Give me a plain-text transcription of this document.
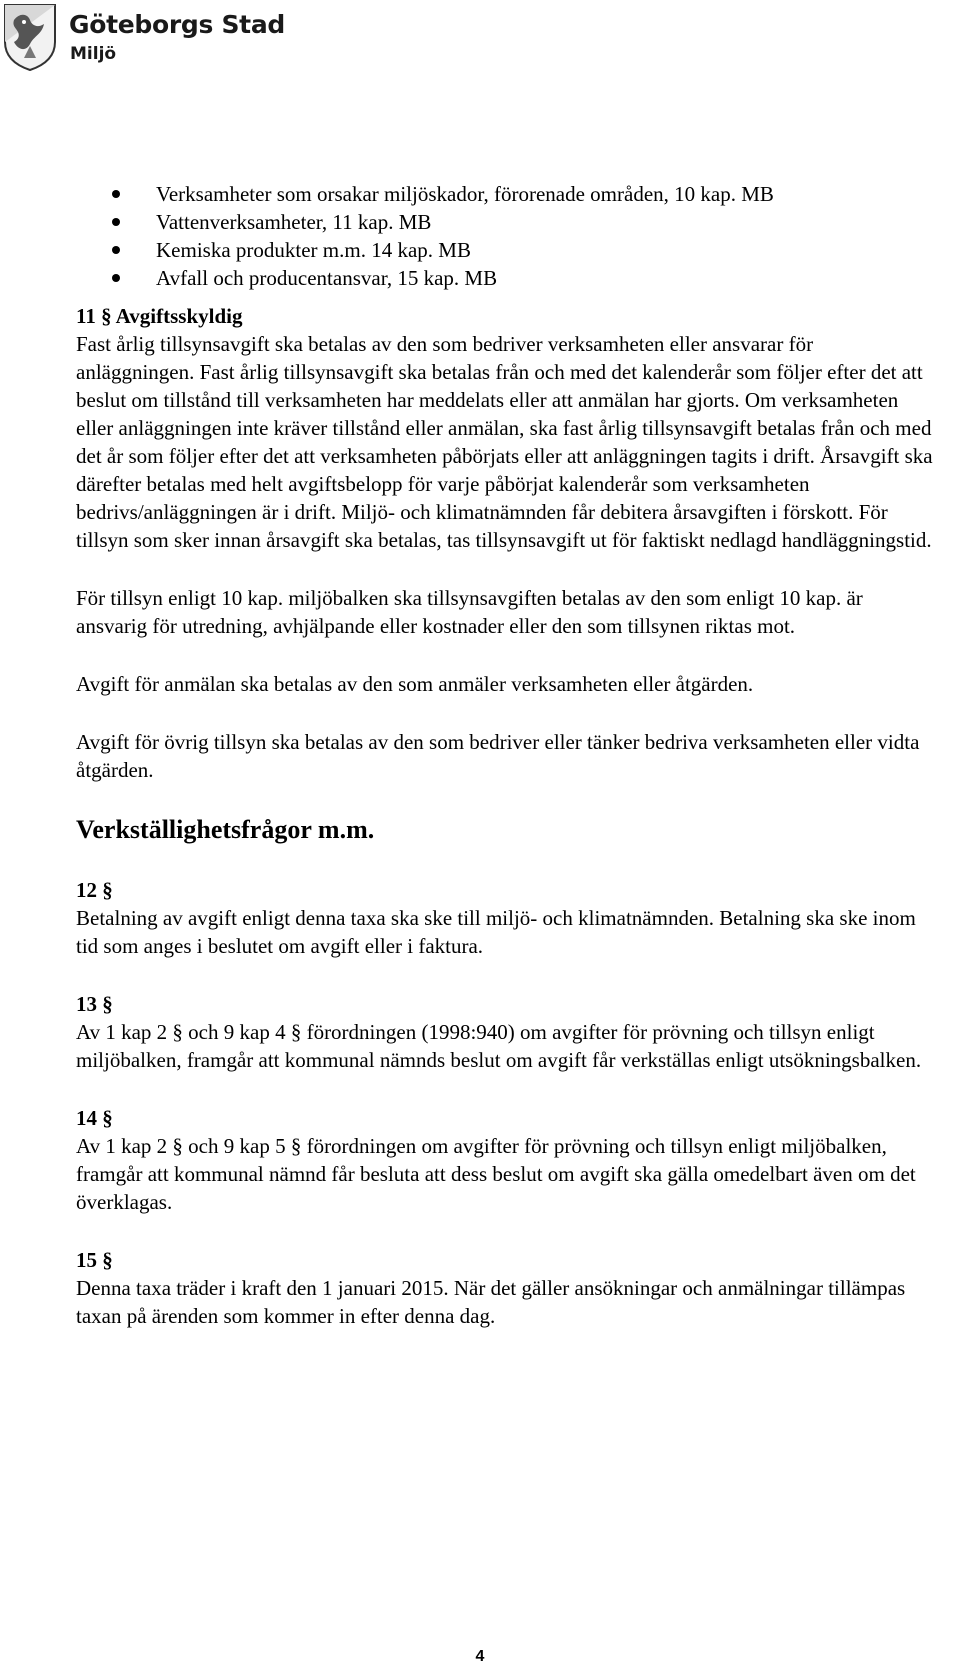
Göteborgs Stad
Miljö
Verksamheter som orsakar miljöskador, förorenade områden, 10 kap. MB
Vattenverksamheter, 11 kap. MB
Kemiska produkter m.m. 14 kap. MB
Avfall och producentansvar, 15 kap. MB
11 § Avgiftsskyldig

Fast årlig tillsynsavgift ska betalas av den som bedriver verksamheten eller ansvarar för anläggningen. Fast årlig tillsynsavgift ska betalas från och med det kalenderår som följer efter det att beslut om tillstånd till verksamheten har meddelats eller att anmälan har gjorts. Om verksamheten eller anläggningen inte kräver tillstånd eller anmälan, ska fast årlig tillsynsavgift betalas från och med det år som följer efter det att verksamheten påbörjats eller att anläggningen tagits i drift. Årsavgift ska därefter betalas med helt avgiftsbelopp för varje påbörjat kalenderår som verksamheten bedrivs/anläggningen är i drift. Miljö- och klimatnämnden får debitera årsavgiften i förskott. För tillsyn som sker innan årsavgift ska betalas, tas tillsynsavgift ut för faktiskt nedlagd handläggningstid.

För tillsyn enligt 10 kap. miljöbalken ska tillsynsavgiften betalas av den som enligt 10 kap. är ansvarig för utredning, avhjälpande eller kostnader eller den som tillsynen riktas mot.

Avgift för anmälan ska betalas av den som anmäler verksamheten eller åtgärden.

Avgift för övrig tillsyn ska betalas av den som bedriver eller tänker bedriva verksamheten eller vidta åtgärden.

Verkställighetsfrågor m.m.
12 §

Betalning av avgift enligt denna taxa ska ske till miljö- och klimatnämnden. Betalning ska ske inom tid som anges i beslutet om avgift eller i faktura.

13 §

Av 1 kap 2 § och 9 kap 4 § förordningen (1998:940) om avgifter för prövning och tillsyn enligt miljöbalken, framgår att kommunal nämnds beslut om avgift får verkställas enligt utsökningsbalken.

14 §

Av 1 kap 2 § och 9 kap 5 § förordningen om avgifter för prövning och tillsyn enligt miljöbalken, framgår att kommunal nämnd får besluta att dess beslut om avgift ska gälla omedelbart även om det överklagas.

15 §

Denna taxa träder i kraft den 1 januari 2015. När det gäller ansökningar och anmälningar tillämpas taxan på ärenden som kommer in efter denna dag.

4
